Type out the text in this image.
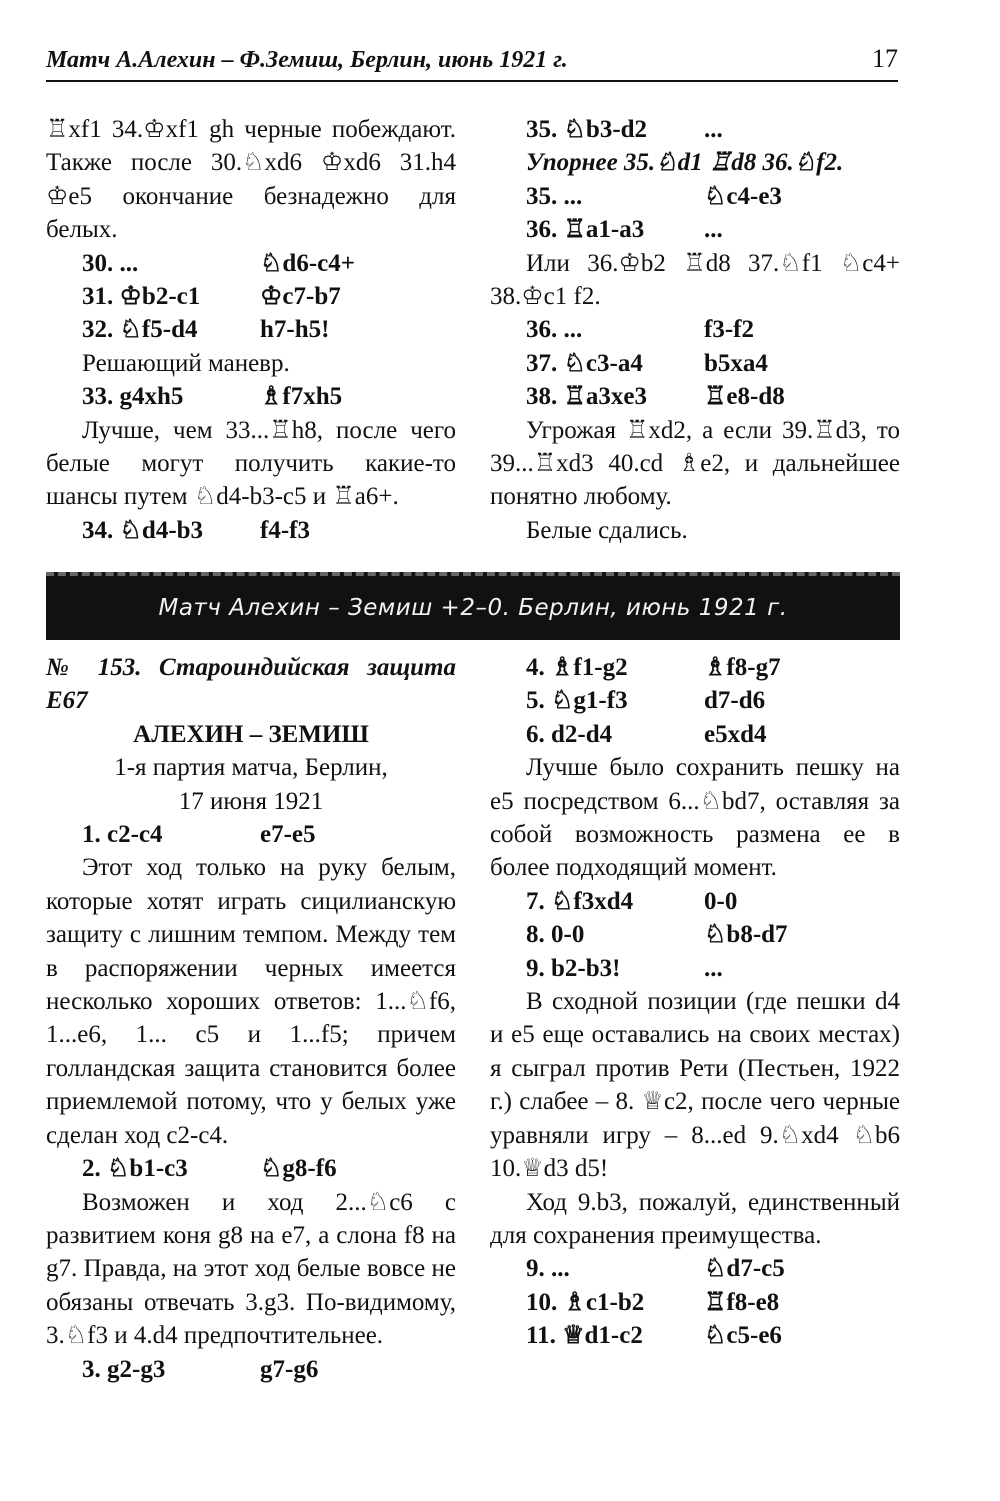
Матч А.Алехин – Ф.Земиш, Берлин, июнь 1921 г.	17

♖xf1 34.♔xf1 gh черные побеждают. Также после 30.♘xd6 ♔xd6 31.h4 ♔e5 окончание безнадежно для белых.

30. ...	♘d6-c4+
31. ♔b2-c1	♔c7-b7
32. ♘f5-d4	h7-h5!

Решающий маневр.

33. g4xh5	♗f7xh5

Лучше, чем 33...♖h8, после чего белые могут получить какие-то шансы путем ♘d4-b3-c5 и ♖a6+.

34. ♘d4-b3	f4-f3
35. ♘b3-d2	...

Упорнее 35.♘d1 ♖d8 36.♘f2.

35. ...	♘c4-e3
36. ♖a1-a3	...

Или 36.♔b2 ♖d8 37.♘f1 ♘c4+ 38.♔c1 f2.

36. ...	f3-f2
37. ♘c3-a4	b5xa4
38. ♖a3xe3	♖e8-d8

Угрожая ♖xd2, а если 39.♖d3, то 39...♖xd3 40.cd ♗e2, и дальнейшее понятно любому.

Белые сдались.

Матч Алехин – Земиш +2–0. Берлин, июнь 1921 г.

№ 153. Староиндийская защита Е67

АЛЕХИН – ЗЕМИШ

1-я партия матча, Берлин,

17 июня 1921

1. c2-c4	e7-e5

Этот ход только на руку белым, которые хотят играть сицилианскую защиту с лишним темпом. Между тем в распоряжении черных имеется несколько хороших ответов: 1...♘f6, 1...e6, 1... c5 и 1...f5; причем голландская защита становится более приемлемой потому, что у белых уже сделан ход c2-c4.

2. ♘b1-c3	♘g8-f6

Возможен и ход 2...♘c6 с развитием коня g8 на e7, а слона f8 на g7. Правда, на этот ход белые вовсе не обязаны отвечать 3.g3. По-видимому, 3.♘f3 и 4.d4 предпочтительнее.

3. g2-g3	g7-g6
4. ♗f1-g2	♗f8-g7
5. ♘g1-f3	d7-d6
6. d2-d4	e5xd4

Лучше было сохранить пешку на e5 посредством 6...♘bd7, оставляя за собой возможность размена ее в более подходящий момент.

7. ♘f3xd4	0-0
8. 0-0	♘b8-d7
9. b2-b3!	...

В сходной позиции (где пешки d4 и e5 еще оставались на своих местах) я сыграл против Рети (Пестьен, 1922 г.) слабее – 8. ♕c2, после чего черные уравняли игру – 8...ed 9.♘xd4 ♘b6 10.♕d3 d5!

Ход 9.b3, пожалуй, единственный для сохранения преимущества.

9. ...	♘d7-c5
10. ♗c1-b2	♖f8-e8
11. ♕d1-c2	♘c5-e6
